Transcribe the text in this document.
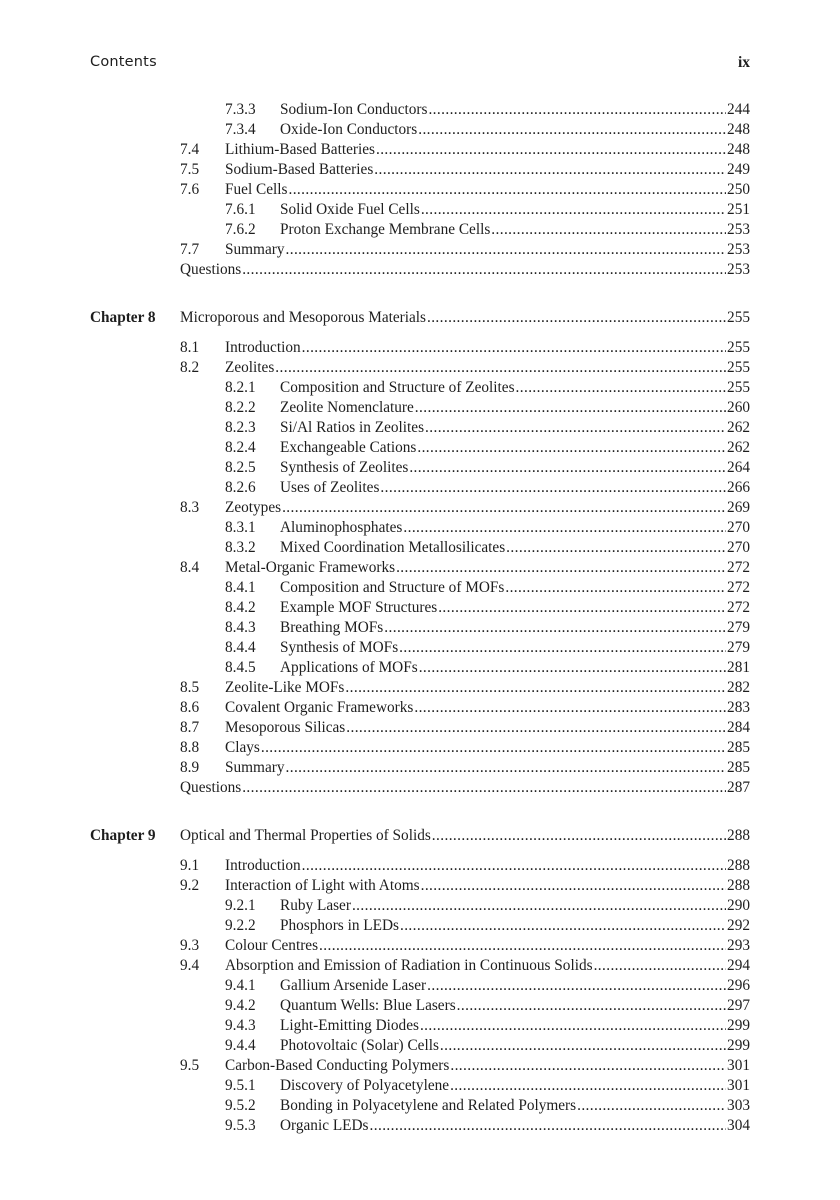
Contents	ix
7.3.3 Sodium-Ion Conductors .....	244
7.3.4 Oxide-Ion Conductors .....	248
7.4 Lithium-Based Batteries .....	248
7.5 Sodium-Based Batteries .....	249
7.6 Fuel Cells .....	250
7.6.1 Solid Oxide Fuel Cells .....	251
7.6.2 Proton Exchange Membrane Cells .....	253
7.7 Summary .....	253
Questions .....	253
Chapter 8 Microporous and Mesoporous Materials .....	255
8.1 Introduction .....	255
8.2 Zeolites .....	255
8.2.1 Composition and Structure of Zeolites .....	255
8.2.2 Zeolite Nomenclature .....	260
8.2.3 Si/Al Ratios in Zeolites .....	262
8.2.4 Exchangeable Cations .....	262
8.2.5 Synthesis of Zeolites .....	264
8.2.6 Uses of Zeolites .....	266
8.3 Zeotypes .....	269
8.3.1 Aluminophosphates .....	270
8.3.2 Mixed Coordination Metallosilicates .....	270
8.4 Metal-Organic Frameworks .....	272
8.4.1 Composition and Structure of MOFs .....	272
8.4.2 Example MOF Structures .....	272
8.4.3 Breathing MOFs .....	279
8.4.4 Synthesis of MOFs .....	279
8.4.5 Applications of MOFs .....	281
8.5 Zeolite-Like MOFs .....	282
8.6 Covalent Organic Frameworks .....	283
8.7 Mesoporous Silicas .....	284
8.8 Clays .....	285
8.9 Summary .....	285
Questions .....	287
Chapter 9 Optical and Thermal Properties of Solids .....	288
9.1 Introduction .....	288
9.2 Interaction of Light with Atoms .....	288
9.2.1 Ruby Laser .....	290
9.2.2 Phosphors in LEDs .....	292
9.3 Colour Centres .....	293
9.4 Absorption and Emission of Radiation in Continuous Solids .....	294
9.4.1 Gallium Arsenide Laser .....	296
9.4.2 Quantum Wells: Blue Lasers .....	297
9.4.3 Light-Emitting Diodes .....	299
9.4.4 Photovoltaic (Solar) Cells .....	299
9.5 Carbon-Based Conducting Polymers .....	301
9.5.1 Discovery of Polyacetylene .....	301
9.5.2 Bonding in Polyacetylene and Related Polymers .....	303
9.5.3 Organic LEDs .....	304
